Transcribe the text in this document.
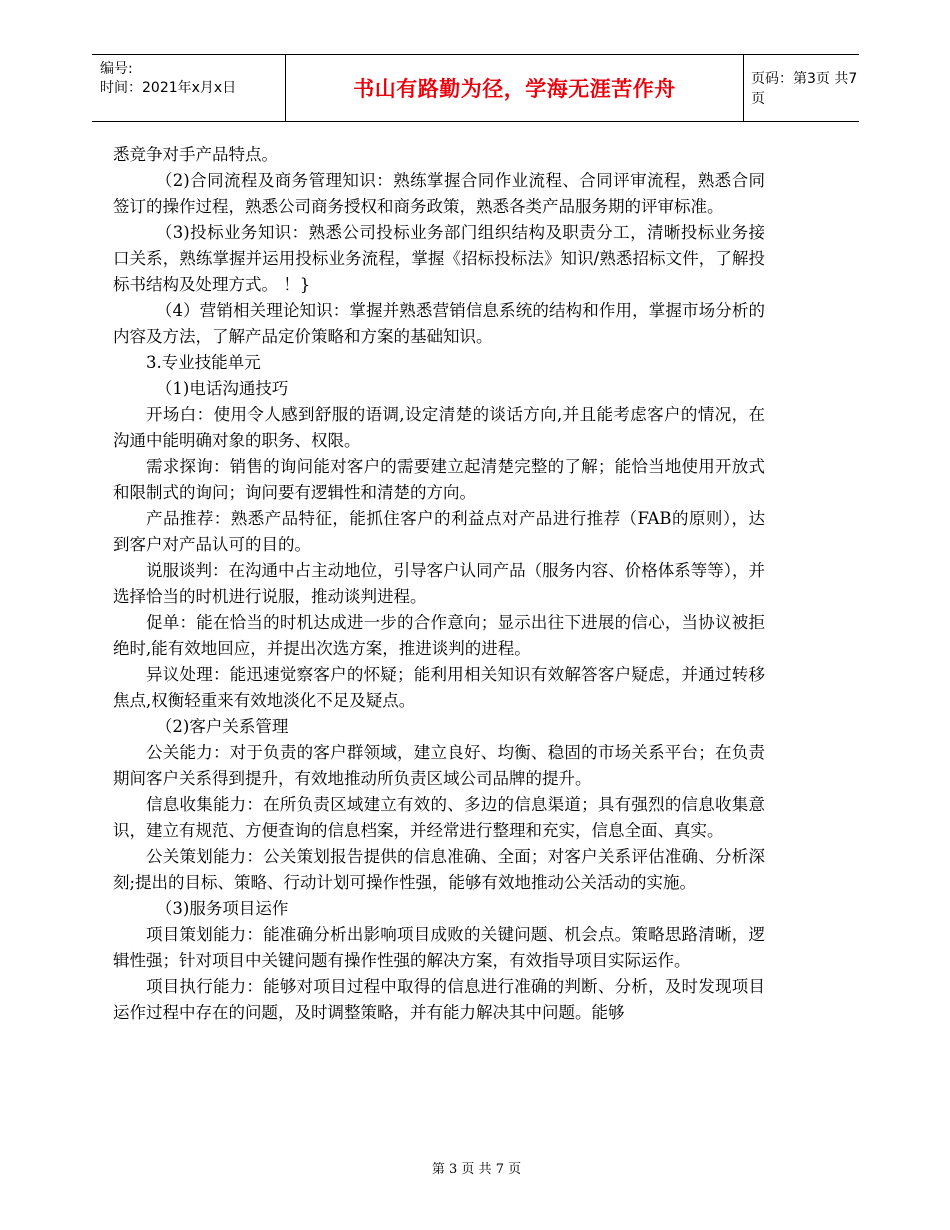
编号:
时间：2021年x月x日	书山有路勤为径，学海无涯苦作舟	页码：第3页 共7页

悉竞争对手产品特点。

（2)合同流程及商务管理知识：熟练掌握合同作业流程、合同评审流程，熟悉合同签订的操作过程，熟悉公司商务授权和商务政策，熟悉各类产品服务期的评审标准。

（3)投标业务知识：熟悉公司投标业务部门组织结构及职责分工，清晰投标业务接口关系，熟练掌握并运用投标业务流程，掌握《招标投标法》知识/熟悉招标文件，了解投标书结构及处理方式。 ！}

（4）营销相关理论知识：掌握并熟悉营销信息系统的结构和作用，掌握市场分析的内容及方法，了解产品定价策略和方案的基础知识。

3.专业技能单元

（1)电话沟通技巧

开场白：使用令人感到舒服的语调,设定清楚的谈话方向,并且能考虑客户的情况，在沟通中能明确对象的职务、权限。

需求探询：销售的询问能对客户的需要建立起清楚完整的了解；能恰当地使用开放式和限制式的询问；询问要有逻辑性和清楚的方向。

产品推荐：熟悉产品特征，能抓住客户的利益点对产品进行推荐（FAB的原则），达到客户对产品认可的目的。

说服谈判：在沟通中占主动地位，引导客户认同产品（服务内容、价格体系等等），并选择恰当的时机进行说服，推动谈判进程。

促单：能在恰当的时机达成进一步的合作意向；显示出往下进展的信心，当协议被拒绝时,能有效地回应，并提出次选方案，推进谈判的进程。

异议处理：能迅速觉察客户的怀疑；能利用相关知识有效解答客户疑虑，并通过转移焦点,权衡轻重来有效地淡化不足及疑点。

（2)客户关系管理

公关能力：对于负责的客户群领域，建立良好、均衡、稳固的市场关系平台；在负责期间客户关系得到提升，有效地推动所负责区域公司品牌的提升。

信息收集能力：在所负责区域建立有效的、多边的信息渠道；具有强烈的信息收集意识，建立有规范、方便查询的信息档案，并经常进行整理和充实，信息全面、真实。

公关策划能力：公关策划报告提供的信息准确、全面；对客户关系评估准确、分析深刻;提出的目标、策略、行动计划可操作性强，能够有效地推动公关活动的实施。

（3)服务项目运作

项目策划能力：能准确分析出影响项目成败的关键问题、机会点。策略思路清晰，逻辑性强；针对项目中关键问题有操作性强的解决方案，有效指导项目实际运作。

项目执行能力：能够对项目过程中取得的信息进行准确的判断、分析，及时发现项目运作过程中存在的问题，及时调整策略，并有能力解决其中问题。能够

第 3 页 共 7 页
